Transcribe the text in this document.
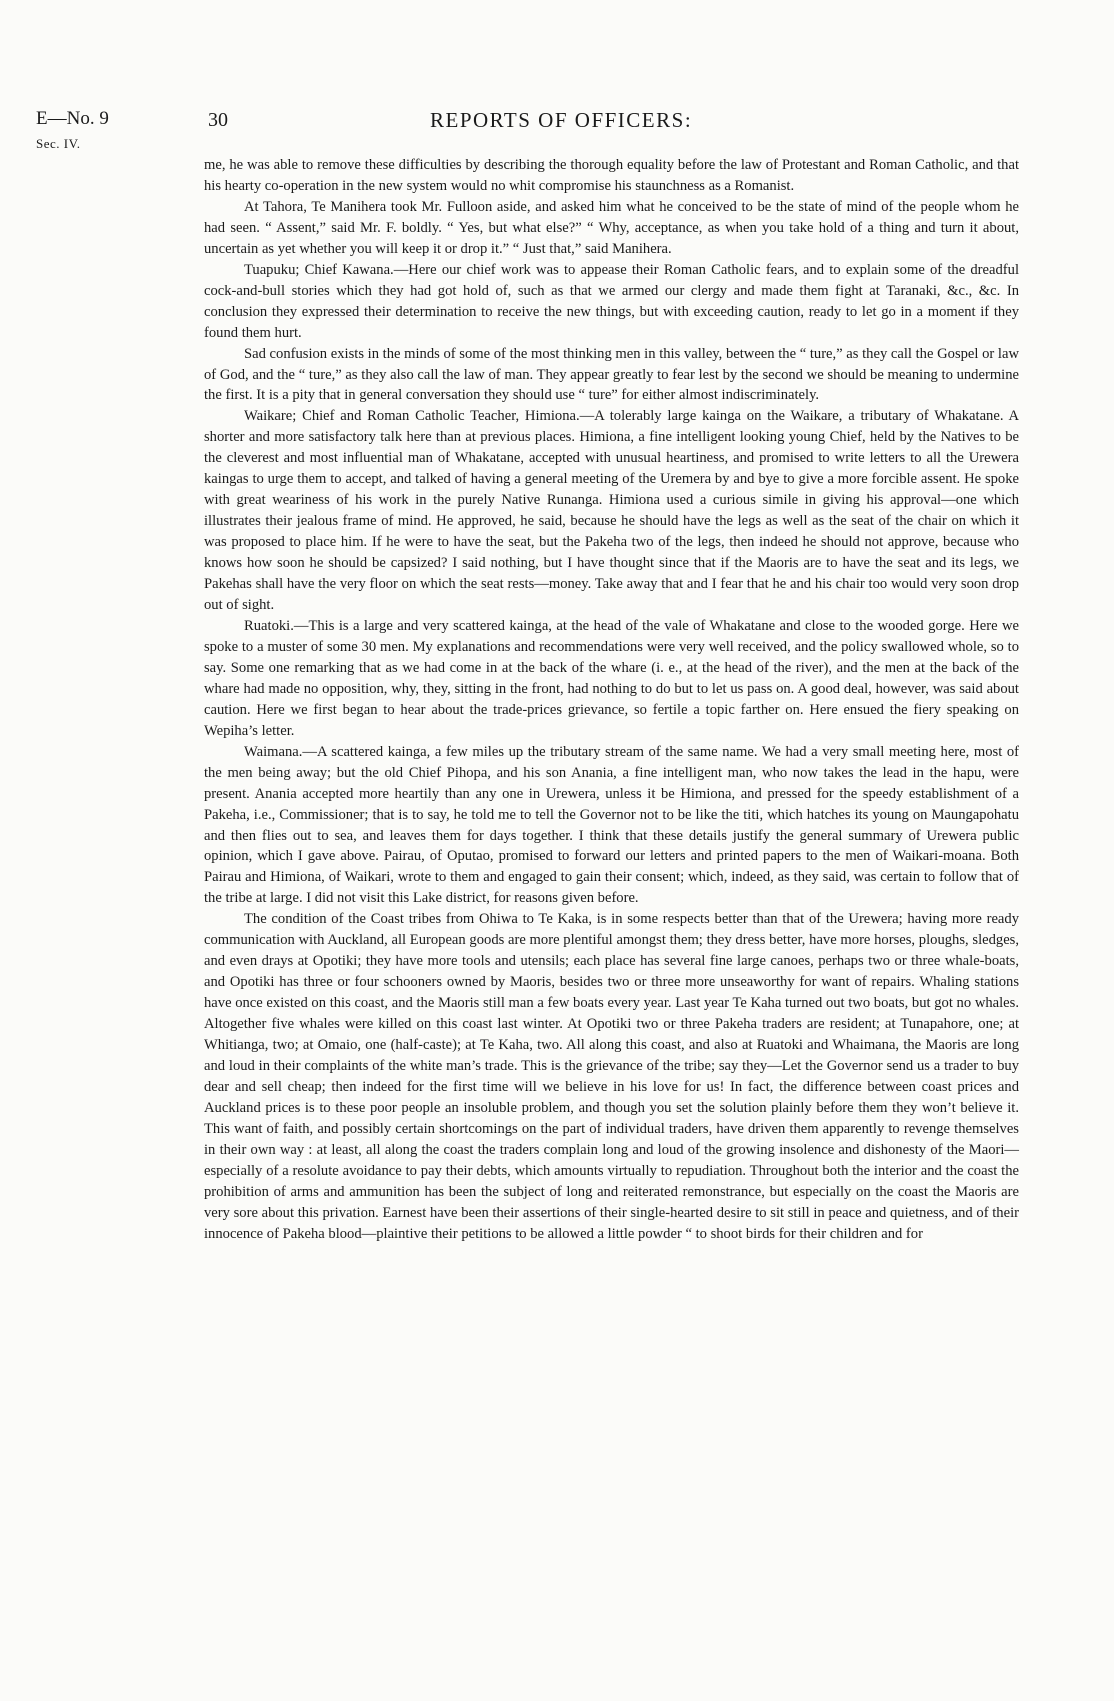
E—No. 9
Sec. IV.
30	REPORTS OF OFFICERS:

me, he was able to remove these difficulties by describing the thorough equality before the law of Protestant and Roman Catholic, and that his hearty co-operation in the new system would no whit compromise his staunchness as a Romanist.

At Tahora, Te Manihera took Mr. Fulloon aside, and asked him what he conceived to be the state of mind of the people whom he had seen. “ Assent,” said Mr. F. boldly. “ Yes, but what else?” “ Why, acceptance, as when you take hold of a thing and turn it about, uncertain as yet whether you will keep it or drop it.” “ Just that,” said Manihera.

Tuapuku; Chief Kawana.—Here our chief work was to appease their Roman Catholic fears, and to explain some of the dreadful cock-and-bull stories which they had got hold of, such as that we armed our clergy and made them fight at Taranaki, &c., &c. In conclusion they expressed their determination to receive the new things, but with exceeding caution, ready to let go in a moment if they found them hurt.

Sad confusion exists in the minds of some of the most thinking men in this valley, between the “ ture,” as they call the Gospel or law of God, and the “ ture,” as they also call the law of man. They appear greatly to fear lest by the second we should be meaning to undermine the first. It is a pity that in general conversation they should use “ ture” for either almost indiscriminately.

Waikare; Chief and Roman Catholic Teacher, Himiona.—A tolerably large kainga on the Waikare, a tributary of Whakatane. A shorter and more satisfactory talk here than at previous places. Himiona, a fine intelligent looking young Chief, held by the Natives to be the cleverest and most influential man of Whakatane, accepted with unusual heartiness, and promised to write letters to all the Urewera kaingas to urge them to accept, and talked of having a general meeting of the Uremera by and bye to give a more forcible assent. He spoke with great weariness of his work in the purely Native Runanga. Himiona used a curious simile in giving his approval—one which illustrates their jealous frame of mind. He approved, he said, because he should have the legs as well as the seat of the chair on which it was proposed to place him. If he were to have the seat, but the Pakeha two of the legs, then indeed he should not approve, because who knows how soon he should be capsized? I said nothing, but I have thought since that if the Maoris are to have the seat and its legs, we Pakehas shall have the very floor on which the seat rests—money. Take away that and I fear that he and his chair too would very soon drop out of sight.

Ruatoki.—This is a large and very scattered kainga, at the head of the vale of Whakatane and close to the wooded gorge. Here we spoke to a muster of some 30 men. My explanations and recommendations were very well received, and the policy swallowed whole, so to say. Some one remarking that as we had come in at the back of the whare (i. e., at the head of the river), and the men at the back of the whare had made no opposition, why, they, sitting in the front, had nothing to do but to let us pass on. A good deal, however, was said about caution. Here we first began to hear about the trade-prices grievance, so fertile a topic farther on. Here ensued the fiery speaking on Wepiha’s letter.

Waimana.—A scattered kainga, a few miles up the tributary stream of the same name. We had a very small meeting here, most of the men being away; but the old Chief Pihopa, and his son Anania, a fine intelligent man, who now takes the lead in the hapu, were present. Anania accepted more heartily than any one in Urewera, unless it be Himiona, and pressed for the speedy establishment of a Pakeha, i.e., Commissioner; that is to say, he told me to tell the Governor not to be like the titi, which hatches its young on Maungapohatu and then flies out to sea, and leaves them for days together. I think that these details justify the general summary of Urewera public opinion, which I gave above. Pairau, of Oputao, promised to forward our letters and printed papers to the men of Waikari-moana. Both Pairau and Himiona, of Waikari, wrote to them and engaged to gain their consent; which, indeed, as they said, was certain to follow that of the tribe at large. I did not visit this Lake district, for reasons given before.

The condition of the Coast tribes from Ohiwa to Te Kaka, is in some respects better than that of the Urewera; having more ready communication with Auckland, all European goods are more plentiful amongst them; they dress better, have more horses, ploughs, sledges, and even drays at Opotiki; they have more tools and utensils; each place has several fine large canoes, perhaps two or three whale-boats, and Opotiki has three or four schooners owned by Maoris, besides two or three more unseaworthy for want of repairs. Whaling stations have once existed on this coast, and the Maoris still man a few boats every year. Last year Te Kaha turned out two boats, but got no whales. Altogether five whales were killed on this coast last winter. At Opotiki two or three Pakeha traders are resident; at Tunapahore, one; at Whitianga, two; at Omaio, one (half-caste); at Te Kaha, two. All along this coast, and also at Ruatoki and Whaimana, the Maoris are long and loud in their complaints of the white man’s trade. This is the grievance of the tribe; say they—Let the Governor send us a trader to buy dear and sell cheap; then indeed for the first time will we believe in his love for us! In fact, the difference between coast prices and Auckland prices is to these poor people an insoluble problem, and though you set the solution plainly before them they won’t believe it. This want of faith, and possibly certain shortcomings on the part of individual traders, have driven them apparently to revenge themselves in their own way : at least, all along the coast the traders complain long and loud of the growing insolence and dishonesty of the Maori—especially of a resolute avoidance to pay their debts, which amounts virtually to repudiation. Throughout both the interior and the coast the prohibition of arms and ammunition has been the subject of long and reiterated remonstrance, but especially on the coast the Maoris are very sore about this privation. Earnest have been their assertions of their single-hearted desire to sit still in peace and quietness, and of their innocence of Pakeha blood—plaintive their petitions to be allowed a little powder “ to shoot birds for their children and for
